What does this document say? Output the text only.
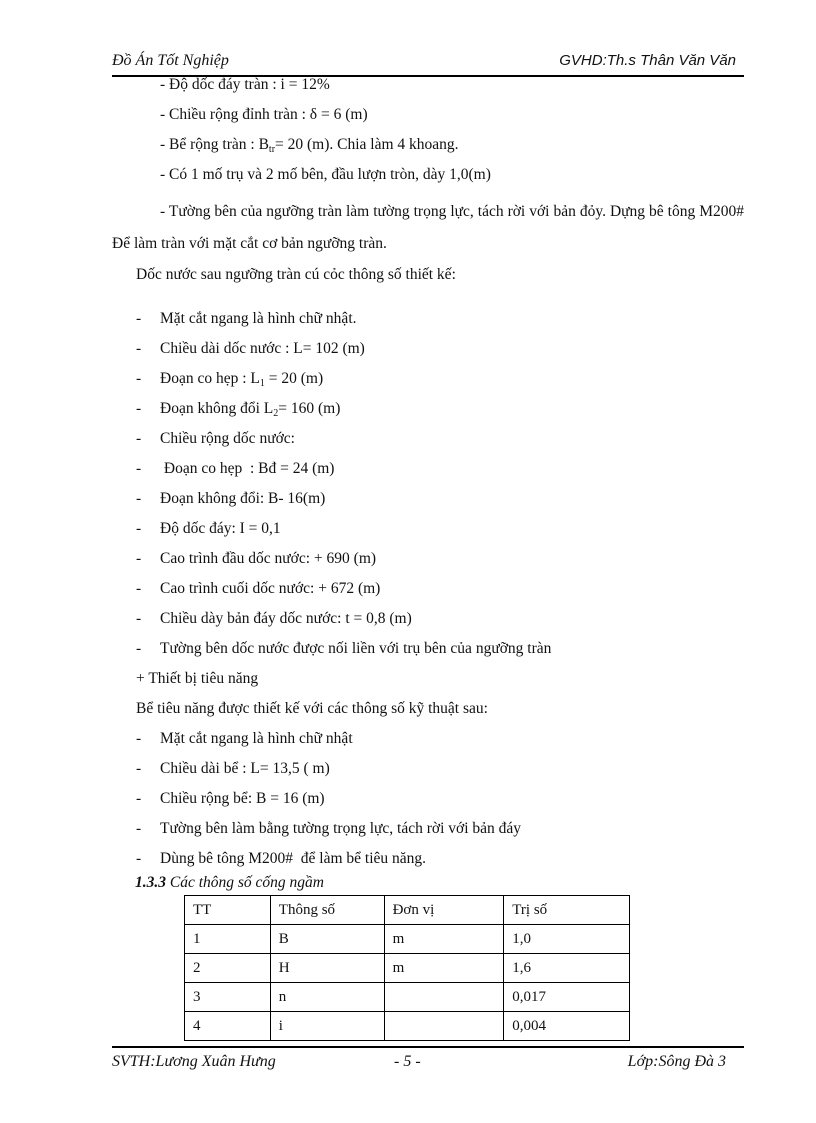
Đồ Án Tốt Nghiệp	GVHD:Th.s Thân Văn Văn
- Độ dốc đáy tràn : i = 12%
- Chiều rộng đỉnh tràn : δ = 6 (m)
- Bể rộng tràn : $B_{tr}= 20$ (m). Chia làm 4 khoang.
- Có 1 mố trụ và 2 mố bên, đầu lượn tròn, dày 1,0(m)
- Tường bên của ngưỡng tràn làm tường trọng lực, tách rời với bản đỏy. Dựng bê tông M200# Để làm tràn với mặt cắt cơ bản ngưỡng tràn.
Dốc nước sau ngưỡng tràn cú cỏc thông số thiết kế:
- Mặt cắt ngang là hình chữ nhật.
- Chiều dài dốc nước : L= 102 (m)
- Đoạn co hẹp : $L_1 = 20$ (m)
- Đoạn không đổi $L_2= 160$ (m)
- Chiều rộng dốc nước:
- Đoạn co hẹp  : Bđ = 24 (m)
- Đoạn không đổi: B- 16(m)
- Độ dốc đáy: I = 0,1
- Cao trình đầu dốc nước: + 690 (m)
- Cao trình cuối dốc nước: + 672 (m)
- Chiều dày bản đáy dốc nước: t = 0,8 (m)
- Tường bên dốc nước được nối liền với trụ bên của ngưỡng tràn
+ Thiết bị tiêu năng
Bể tiêu năng được thiết kế với các thông số kỹ thuật sau:
- Mặt cắt ngang là hình chữ nhật
- Chiều dài bể : L= 13,5 ( m)
- Chiều rộng bể: B = 16 (m)
- Tường bên làm bằng tường trọng lực, tách rời với bản đáy
- Dùng bê tông M200#  để làm bể tiêu năng.
1.3.3 Các thông số cống ngầm
TT	Thông số	Đơn vị	Trị số
1	B	m	1,0
2	H	m	1,6
3	n		0,017
4	i		0,004
SVTH:Lương Xuân Hưng	- 5 -	Lớp:Sông Đà 3
